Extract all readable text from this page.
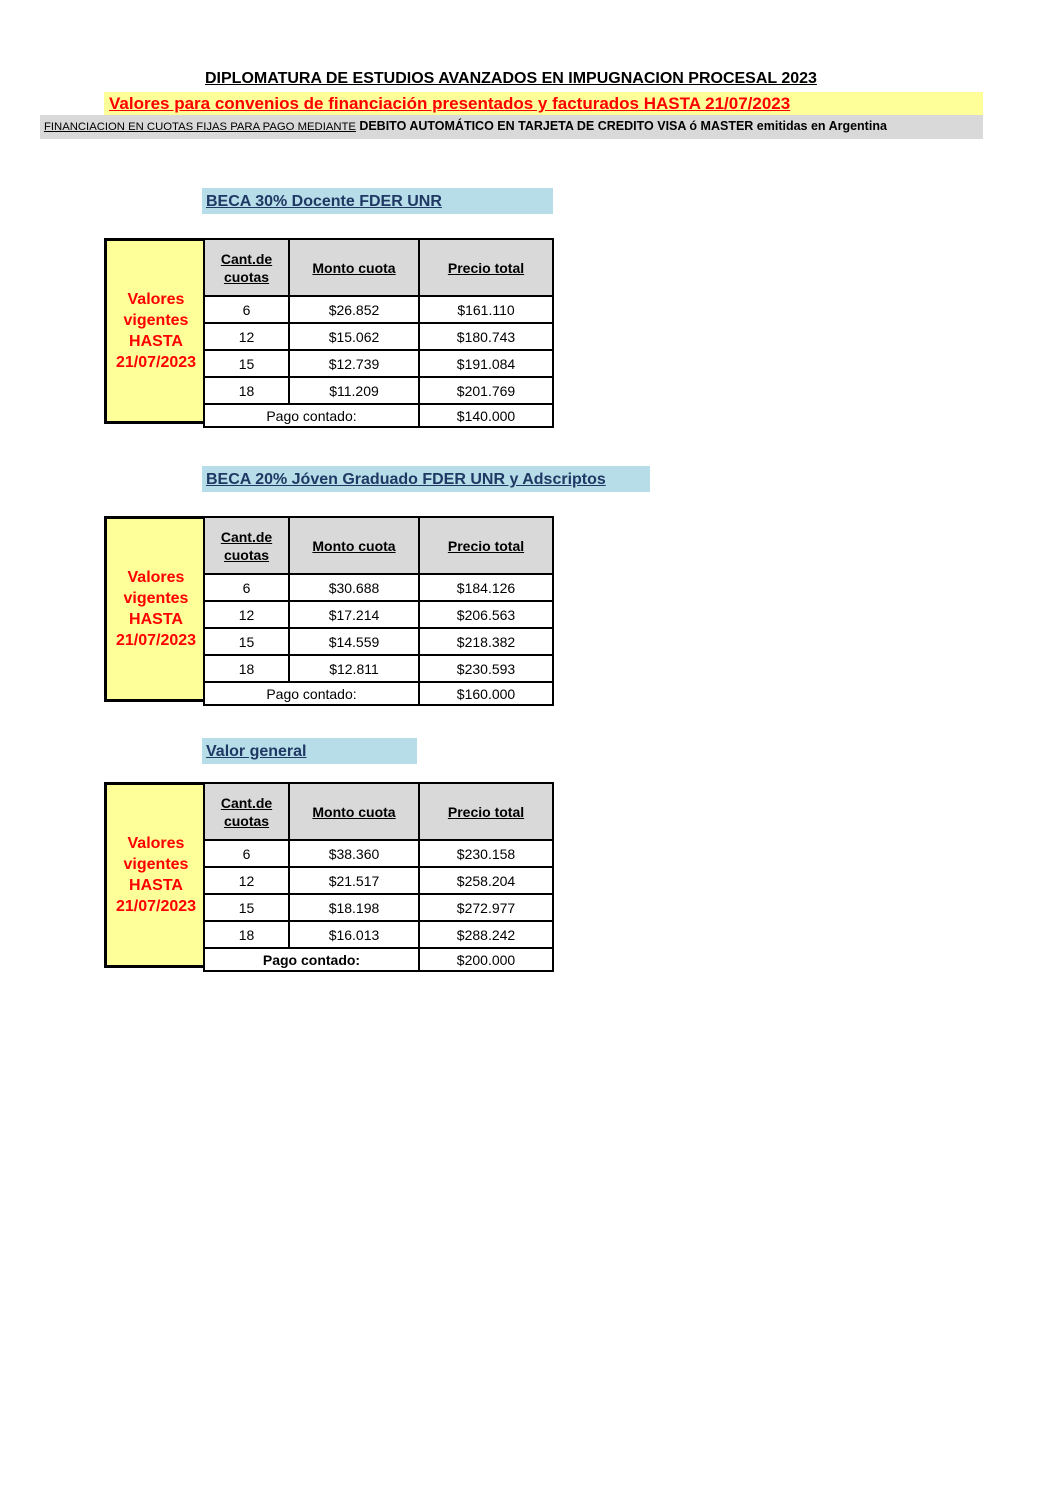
DIPLOMATURA DE ESTUDIOS AVANZADOS EN IMPUGNACION PROCESAL 2023
Valores para convenios de financiación presentados y facturados HASTA 21/07/2023
FINANCIACION EN CUOTAS FIJAS PARA PAGO MEDIANTE DEBITO AUTOMÁTICO EN TARJETA DE CREDITO VISA ó MASTER emitidas en Argentina
BECA 30% Docente FDER UNR
Valores
vigentes
HASTA
21/07/2023
Cant.de cuotas	Monto cuota	Precio total
6	$26.852	$161.110
12	$15.062	$180.743
15	$12.739	$191.084
18	$11.209	$201.769
Pago contado:		$140.000
BECA 20% Jóven Graduado FDER UNR y Adscriptos
Valores
vigentes
HASTA
21/07/2023
Cant.de cuotas	Monto cuota	Precio total
6	$30.688	$184.126
12	$17.214	$206.563
15	$14.559	$218.382
18	$12.811	$230.593
Pago contado:		$160.000
Valor general
Valores
vigentes
HASTA
21/07/2023
Cant.de cuotas	Monto cuota	Precio total
6	$38.360	$230.158
12	$21.517	$258.204
15	$18.198	$272.977
18	$16.013	$288.242
Pago contado:		$200.000
